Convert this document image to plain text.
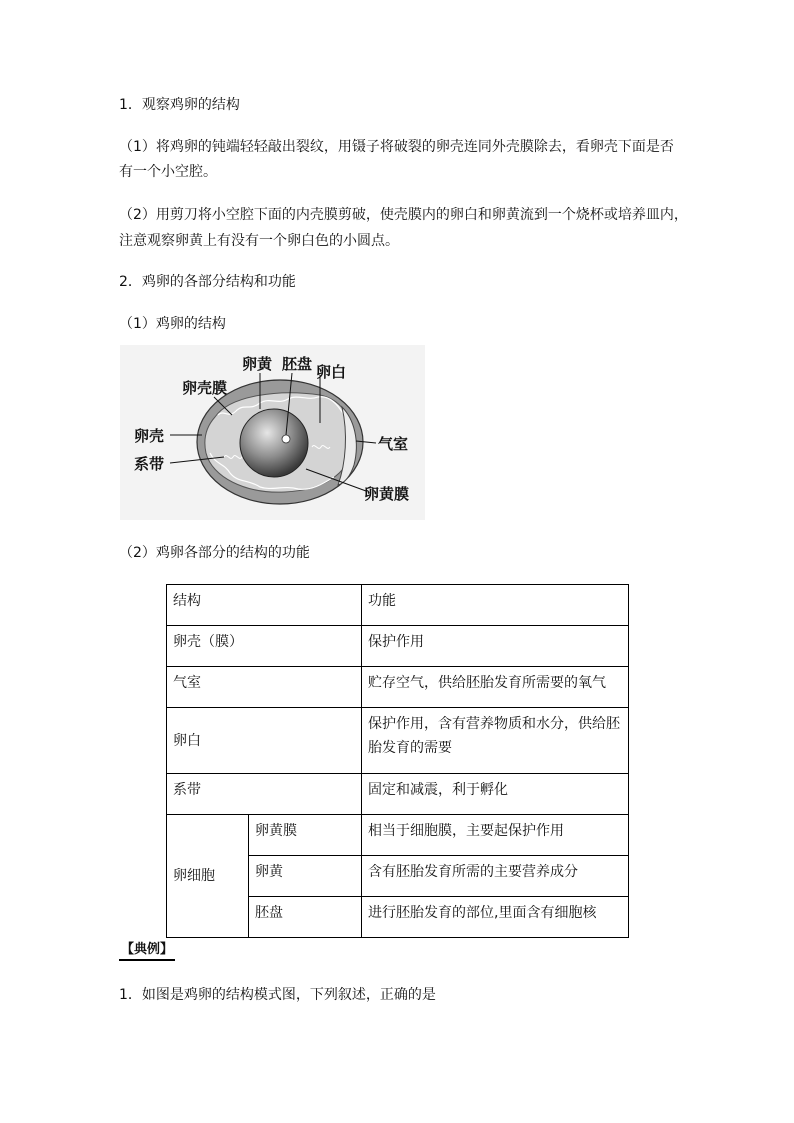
1．观察鸡卵的结构
（1）将鸡卵的钝端轻轻敲出裂纹，用镊子将破裂的卵壳连同外壳膜除去，看卵壳下面是否
有一个小空腔。
（2）用剪刀将小空腔下面的内壳膜剪破，使壳膜内的卵白和卵黄流到一个烧杯或培养皿内，
注意观察卵黄上有没有一个卵白色的小圆点。
2．鸡卵的各部分结构和功能
（1）鸡卵的结构
卵黄 胚盘 卵白
卵壳膜
卵壳
系带
气室
卵黄膜
（2）鸡卵各部分的结构的功能
结构		功能
卵壳（膜）		保护作用
气室		贮存空气，供给胚胎发育所需要的氧气
卵白		保护作用，含有营养物质和水分，供给胚胎发育的需要
系带		固定和减震，利于孵化
卵细胞	卵黄膜	相当于细胞膜，主要起保护作用
	卵黄	含有胚胎发育所需的主要营养成分
	胚盘	进行胚胎发育的部位,里面含有细胞核
【典例】
1．如图是鸡卵的结构模式图，下列叙述，正确的是
